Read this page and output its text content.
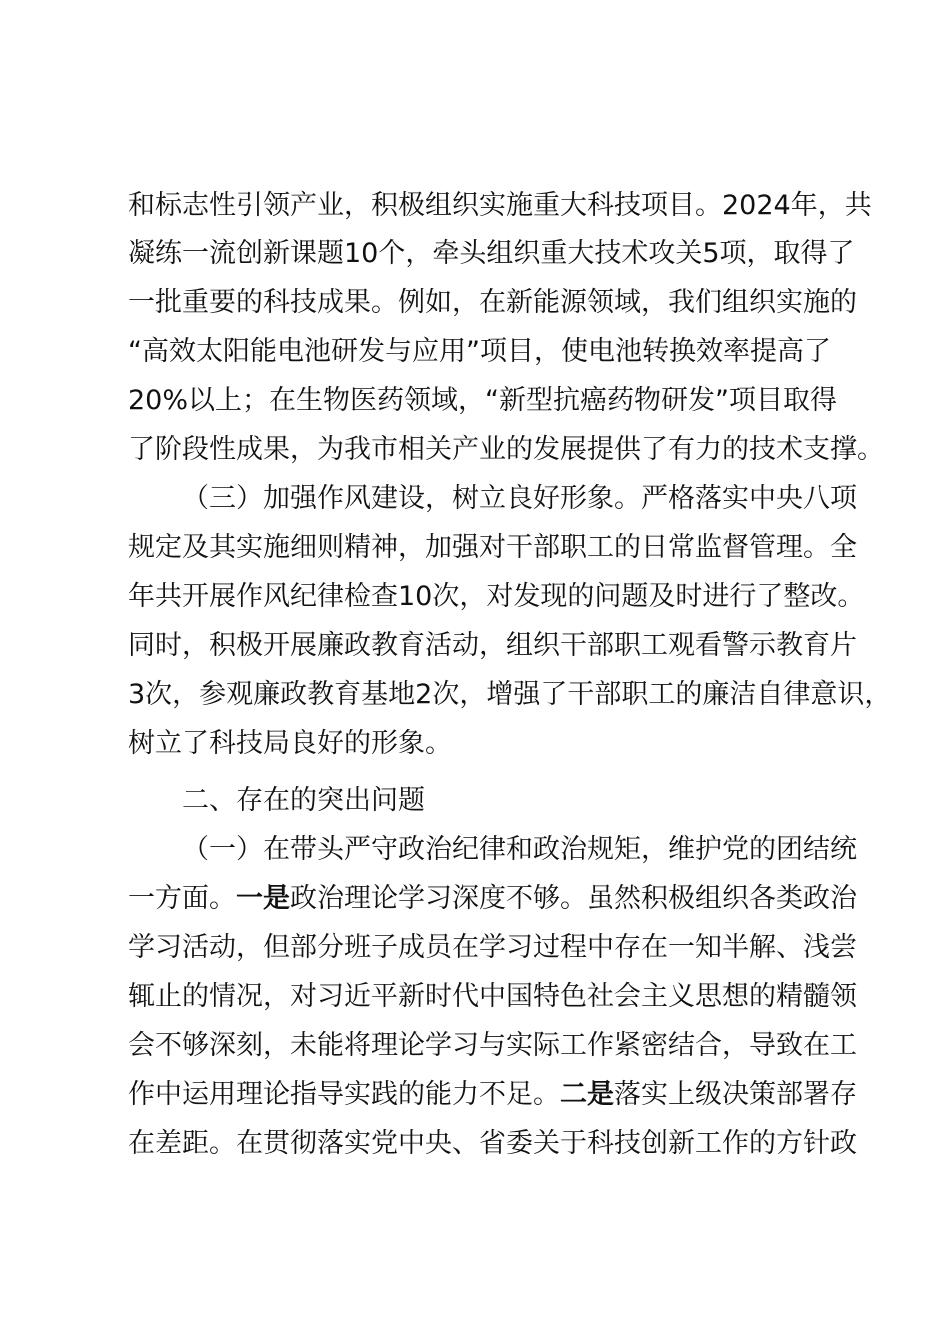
和标志性引领产业，积极组织实施重大科技项目。2024年，共
凝练一流创新课题10个，牵头组织重大技术攻关5项，取得了
一批重要的科技成果。例如，在新能源领域，我们组织实施的
“高效太阳能电池研发与应用”项目，使电池转换效率提高了
20%以上；在生物医药领域，“新型抗癌药物研发”项目取得
了阶段性成果，为我市相关产业的发展提供了有力的技术支撑。
（三）加强作风建设，树立良好形象。严格落实中央八项
规定及其实施细则精神，加强对干部职工的日常监督管理。全
年共开展作风纪律检查10次，对发现的问题及时进行了整改。
同时，积极开展廉政教育活动，组织干部职工观看警示教育片
3次，参观廉政教育基地2次，增强了干部职工的廉洁自律意识，
树立了科技局良好的形象。
二、存在的突出问题
（一）在带头严守政治纪律和政治规矩，维护党的团结统
一方面。一是政治理论学习深度不够。虽然积极组织各类政治
学习活动，但部分班子成员在学习过程中存在一知半解、浅尝
辄止的情况，对习近平新时代中国特色社会主义思想的精髓领
会不够深刻，未能将理论学习与实际工作紧密结合，导致在工
作中运用理论指导实践的能力不足。二是落实上级决策部署存
在差距。在贯彻落实党中央、省委关于科技创新工作的方针政
